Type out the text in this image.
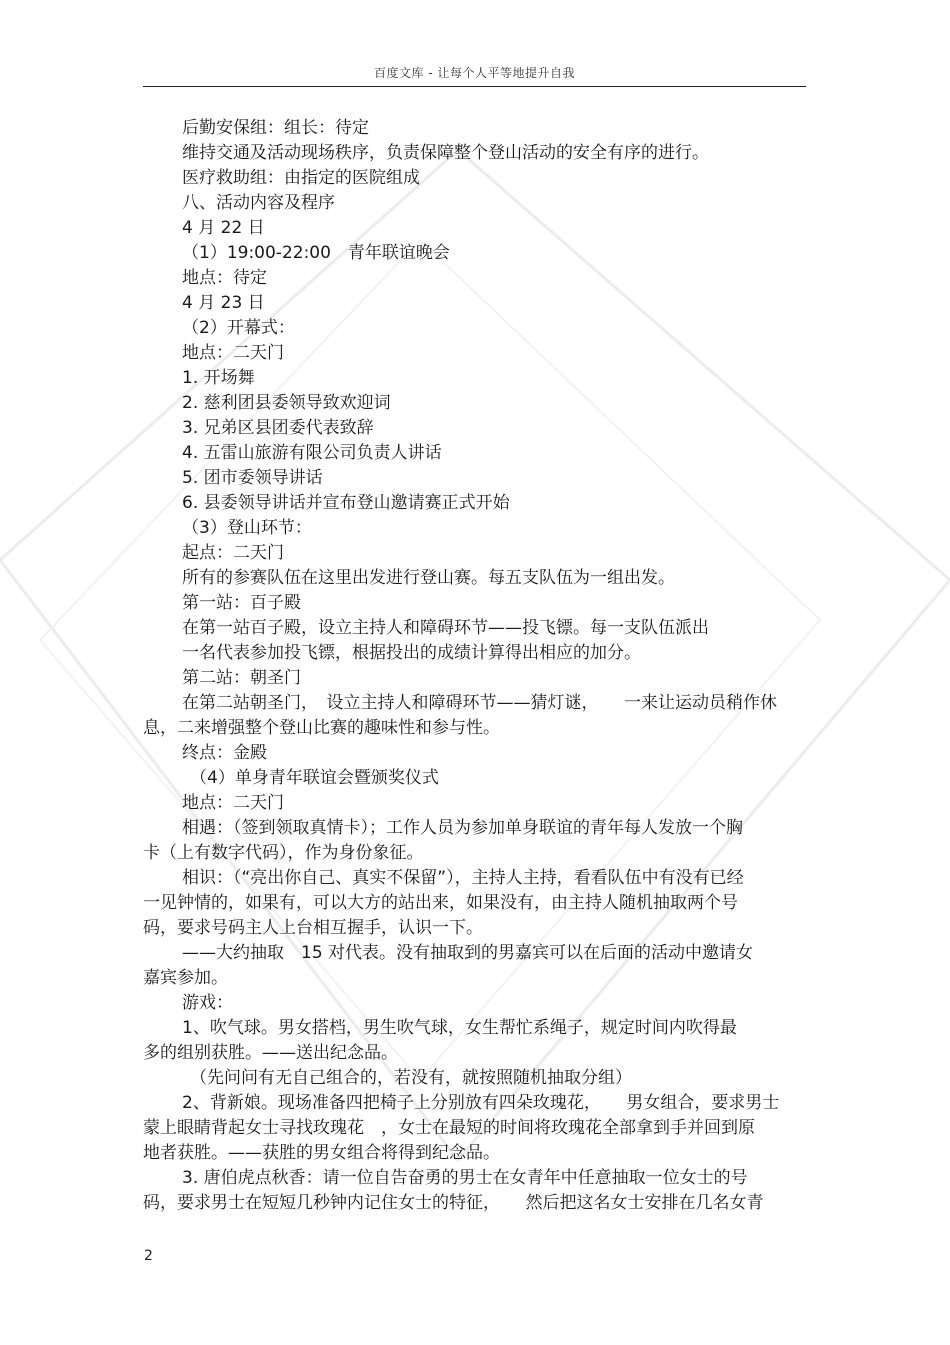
百度文库 - 让每个人平等地提升自我
后勤安保组：组长：待定
维持交通及活动现场秩序，负责保障整个登山活动的安全有序的进行。
医疗救助组：由指定的医院组成
八、活动内容及程序
4 月 22 日
（1）19:00-22:00　青年联谊晚会
地点：待定
4 月 23 日
（2）开幕式：
地点：二天门
1. 开场舞
2. 慈利团县委领导致欢迎词
3. 兄弟区县团委代表致辞
4. 五雷山旅游有限公司负责人讲话
5. 团市委领导讲话
6. 县委领导讲话并宣布登山邀请赛正式开始
（3）登山环节：
起点：二天门
所有的参赛队伍在这里出发进行登山赛。每五支队伍为一组出发。
第一站：百子殿
在第一站百子殿，设立主持人和障碍环节——投飞镖。每一支队伍派出
一名代表参加投飞镖，根据投出的成绩计算得出相应的加分。
第二站：朝圣门
在第二站朝圣门，　设立主持人和障碍环节——猜灯谜，　　一来让运动员稍作休
息，二来增强整个登山比赛的趣味性和参与性。
终点：金殿
（4）单身青年联谊会暨颁奖仪式
地点：二天门
相遇：（签到领取真情卡）；工作人员为参加单身联谊的青年每人发放一个胸
卡（上有数字代码），作为身份象征。
相识：（“亮出你自己、真实不保留”），主持人主持，看看队伍中有没有已经
一见钟情的，如果有，可以大方的站出来，如果没有，由主持人随机抽取两个号
码，要求号码主人上台相互握手，认识一下。
——大约抽取　15 对代表。没有抽取到的男嘉宾可以在后面的活动中邀请女
嘉宾参加。
游戏：
1、吹气球。男女搭档，男生吹气球，女生帮忙系绳子，规定时间内吹得最
多的组别获胜。——送出纪念品。
（先问问有无自己组合的，若没有，就按照随机抽取分组）
2、背新娘。现场准备四把椅子上分别放有四朵玫瑰花，　　男女组合，要求男士
蒙上眼睛背起女士寻找玫瑰花　，女士在最短的时间将玫瑰花全部拿到手并回到原
地者获胜。——获胜的男女组合将得到纪念品。
3. 唐伯虎点秋香：请一位自告奋勇的男士在女青年中任意抽取一位女士的号
码，要求男士在短短几秒钟内记住女士的特征，　　然后把这名女士安排在几名女青
2
